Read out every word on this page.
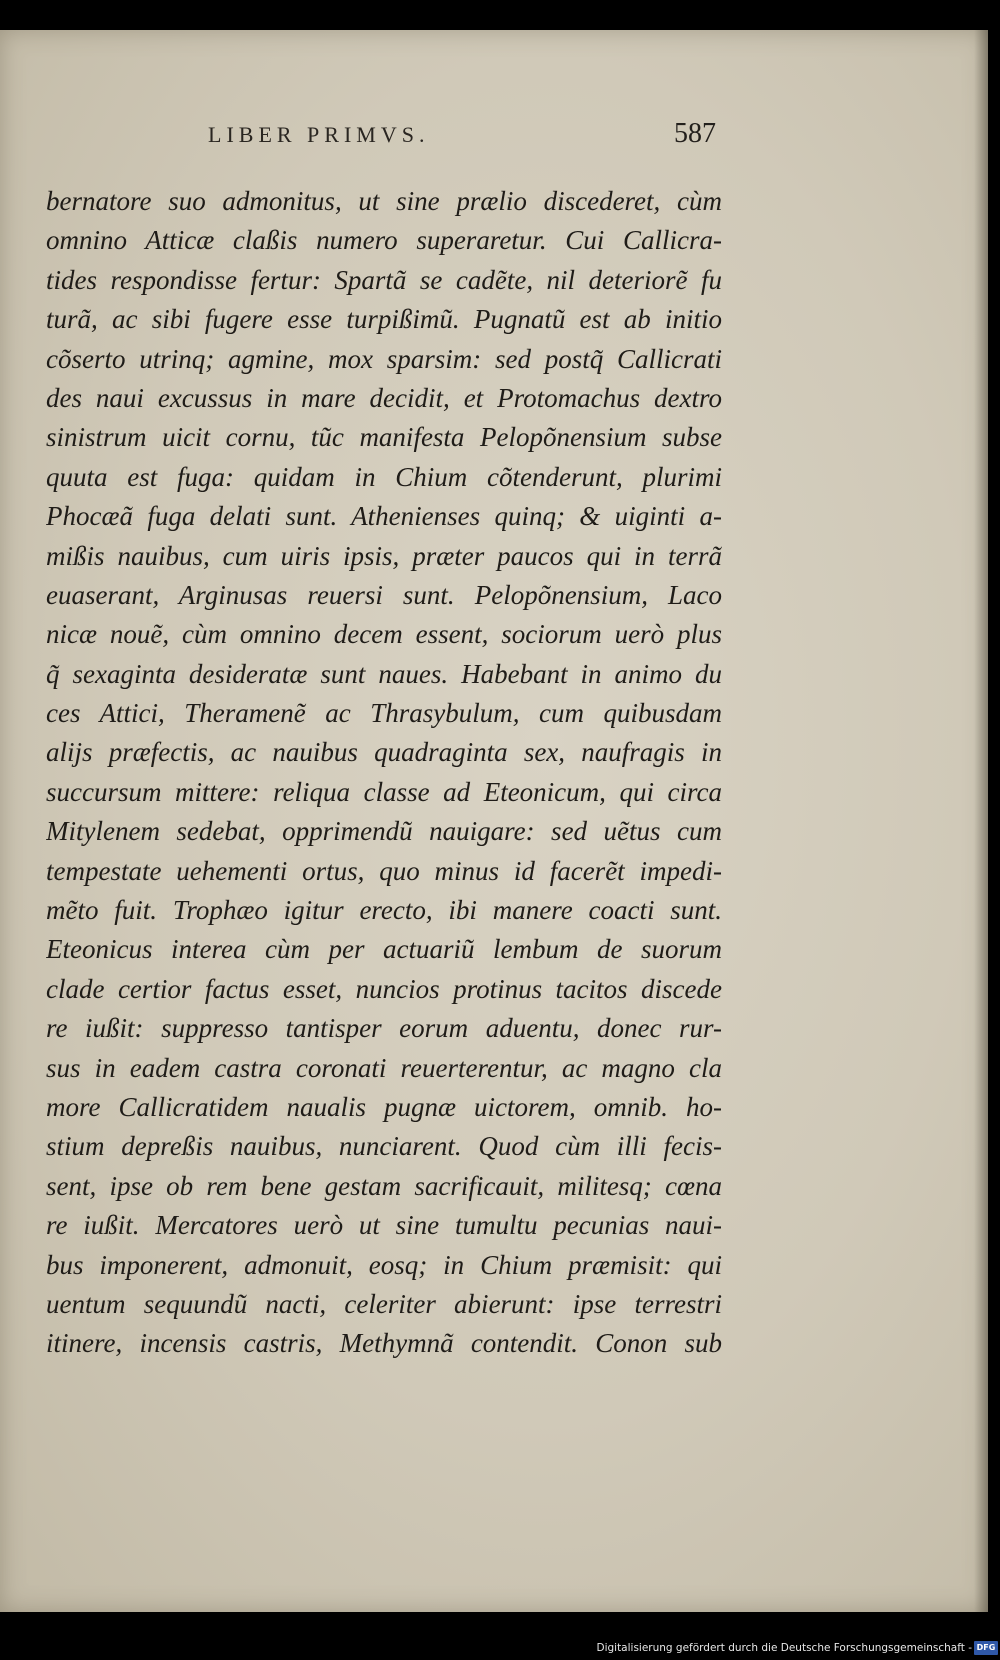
LIBER PRIMVS.	587
bernatore suo admonitus, ut sine prælio discederet, cùm
omnino Atticæ claßis numero superaretur. Cui Callicra-
tides respondisse fertur: Spartã se cadẽte, nil deteriorẽ fu
turã, ac sibi fugere esse turpißimũ. Pugnatũ est ab initio
cõserto utrinq; agmine, mox sparsim: sed postq̃ Callicrati
des naui excussus in mare decidit, et Protomachus dextro
sinistrum uicit cornu, tũc manifesta Pelopõnensium subse
quuta est fuga: quidam in Chium cõtenderunt, plurimi
Phocæã fuga delati sunt. Athenienses quinq; & uiginti a-
mißis nauibus, cum uiris ipsis, præter paucos qui in terrã
euaserant, Arginusas reuersi sunt. Pelopõnensium, Laco
nicæ nouẽ, cùm omnino decem essent, sociorum uerò plus
q̃ sexaginta desideratæ sunt naues. Habebant in animo du
ces Attici, Theramenẽ ac Thrasybulum, cum quibusdam
alijs præfectis, ac nauibus quadraginta sex, naufragis in
succursum mittere: reliqua classe ad Eteonicum, qui circa
Mitylenem sedebat, opprimendũ nauigare: sed uẽtus cum
tempestate uehementi ortus, quo minus id facerẽt impedi-
mẽto fuit. Trophæo igitur erecto, ibi manere coacti sunt.
Eteonicus interea cùm per actuariũ lembum de suorum
clade certior factus esset, nuncios protinus tacitos discede
re iußit: suppresso tantisper eorum aduentu, donec rur-
sus in eadem castra coronati reuerterentur, ac magno cla
more Callicratidem naualis pugnæ uictorem, omnib. ho-
stium depreßis nauibus, nunciarent. Quod cùm illi fecis-
sent, ipse ob rem bene gestam sacrificauit, militesq; cœna
re iußit. Mercatores uerò ut sine tumultu pecunias naui-
bus imponerent, admonuit, eosq; in Chium præmisit: qui
uentum sequundũ nacti, celeriter abierunt: ipse terrestri
itinere, incensis castris, Methymnã contendit. Conon sub
Digitalisierung gefördert durch die Deutsche Forschungsgemeinschaft - DFG
